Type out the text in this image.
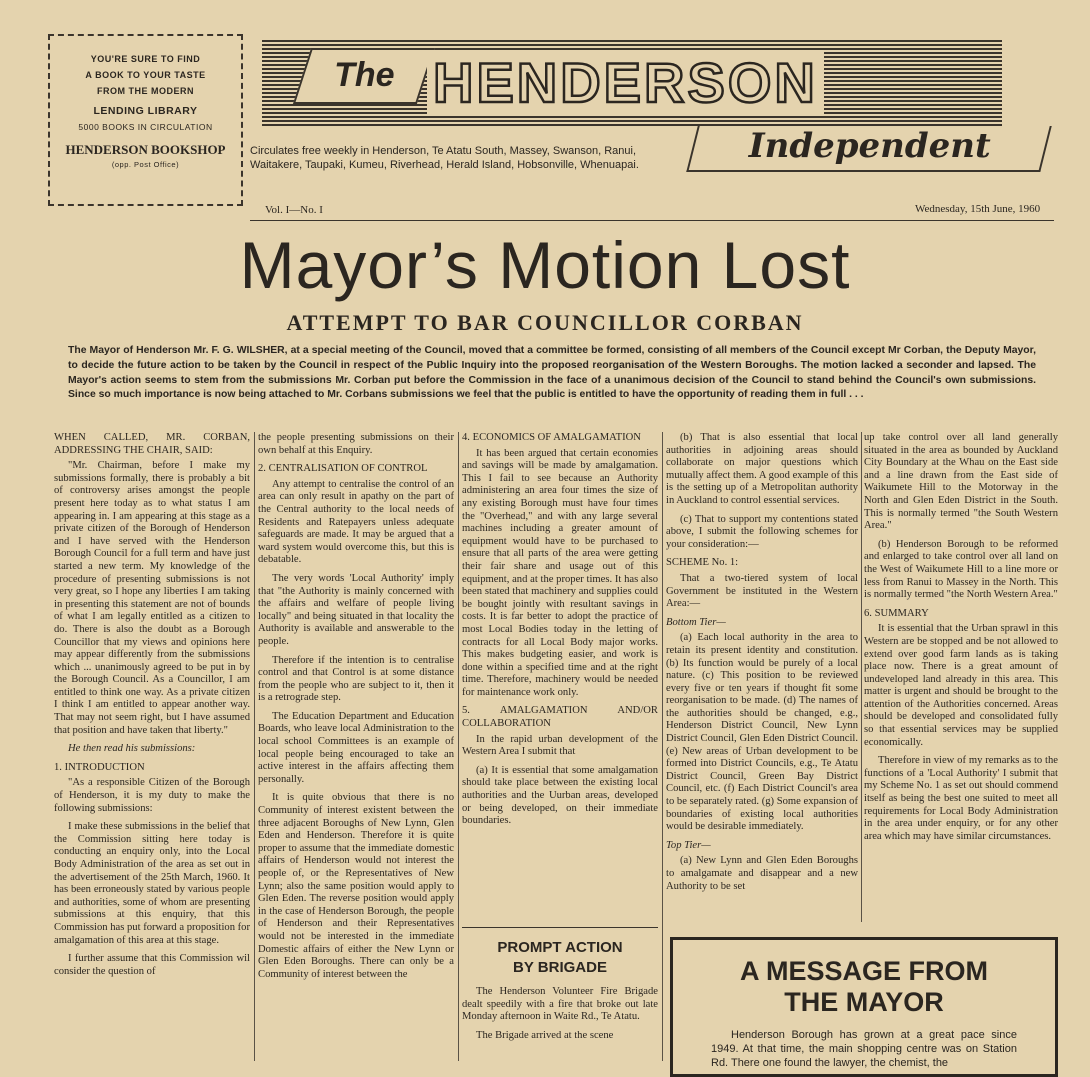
YOU'RE SURE TO FIND
A BOOK TO YOUR TASTE
FROM THE MODERN
LENDING LIBRARY
5000 BOOKS IN CIRCULATION
HENDERSON BOOKSHOP
(opp. Post Office)
The HENDERSON
Independent
Circulates free weekly in Henderson, Te Atatu South, Massey, Swanson, Ranui, Waitakere, Taupaki, Kumeu, Riverhead, Herald Island, Hobsonville, Whenuapai.
Vol. I—No. I	Wednesday, 15th June, 1960
Mayor’s Motion Lost
ATTEMPT TO BAR COUNCILLOR CORBAN
The Mayor of Henderson Mr. F. G. WILSHER, at a special meeting of the Council, moved that a committee be formed, consisting of all members of the Council except Mr Corban, the Deputy Mayor, to decide the future action to be taken by the Council in respect of the Public Inquiry into the proposed reorganisation of the Western Boroughs. The motion lacked a seconder and lapsed. The Mayor's action seems to stem from the submissions Mr. Corban put before the Commission in the face of a unanimous decision of the Council to stand behind the Council's own submissions. Since so much importance is now being attached to Mr. Corbans submissions we feel that the public is entitled to have the opportunity of reading them in full . . .

WHEN CALLED, MR. CORBAN, ADDRESSING THE CHAIR, SAID:

"Mr. Chairman, before I make my submissions formally, there is probably a bit of controversy arises amongst the people present here today as to what status I am appearing in. I am appearing at this stage as a private citizen of the Borough of Henderson and I have served with the Henderson Borough Council for a full term and have just started a new term. My knowledge of the procedure of presenting submissions is not very great, so I hope any liberties I am taking in presenting this statement are not of bounds of what I am legally entitled as a citizen to do. There is also the doubt as a Borough Councillor that my views and opinions here may appear differently from the submissions which ... unanimously agreed to be put in by the Borough Council. As a Councillor, I am entitled to think one way. As a private citizen I think I am entitled to appear another way. That may not seem right, but I have assumed that position and have taken that liberty."

He then read his submissions:

1. INTRODUCTION

"As a responsible Citizen of the Borough of Henderson, it is my duty to make the following submissions:

I make these submissions in the belief that the Commission sitting here today is conducting an enquiry only, into the Local Body Administration of the area as set out in the advertisement of the 25th March, 1960. It has been erroneously stated by various people and authorities, some of whom are presenting submissions at this enquiry, that this Commission has put forward a proposition for amalgamation of this area at this stage.

I further assume that this Commission wil consider the question of

the people presenting submissions on their own behalf at this Enquiry.

2. CENTRALISATION OF CONTROL

Any attempt to centralise the control of an area can only result in apathy on the part of the Central authority to the local needs of Residents and Ratepayers unless adequate safeguards are made. It may be argued that a ward system would overcome this, but this is debatable.

The very words 'Local Authority' imply that "the Authority is mainly concerned with the affairs and welfare of people living locally" and being situated in that locality the Authority is available and answerable to the people.

Therefore if the intention is to centralise control and that Control is at some distance from the people who are subject to it, then it is a retrograde step.

The Education Department and Education Boards, who leave local Administration to the local school Committees is an example of local people being encouraged to take an active interest in the affairs affecting them personally.

It is quite obvious that there is no Community of interest existent between the three adjacent Boroughs of New Lynn, Glen Eden and Henderson. Therefore it is quite proper to assume that the immediate domestic affairs of Henderson would not interest the people of, or the Representatives of New Lynn; also the same position would apply to Glen Eden. The reverse position would apply in the case of Henderson Borough, the people of Henderson and their Representatives would not be interested in the immediate Domestic affairs of either the New Lynn or Glen Eden Boroughs. There can only be a Community of interest between the

4. ECONOMICS OF AMALGAMATION

It has been argued that certain economies and savings will be made by amalgamation. This I fail to see because an Authority administering an area four times the size of any existing Borough must have four times the "Overhead," and with any large several machines including a greater amount of equipment would have to be purchased to ensure that all parts of the area were getting their fair share and usage out of this equipment, and at the proper times. It has also been stated that machinery and supplies could be bought jointly with resultant savings in costs. It is far better to adopt the practice of most Local Bodies today in the letting of contracts for all Local Body major works. This makes budgeting easier, and work is done within a specified time and at the right time. Therefore, machinery would be needed for maintenance work only.

5. AMALGAMATION AND/OR COLLABORATION

In the rapid urban development of the Western Area I submit that

(a) It is essential that some amalgamation should take place between the existing local authorities and the Uurban areas, developed or being developed, on their immediate boundaries.

PROMPT ACTION
BY BRIGADE

The Henderson Volunteer Fire Brigade dealt speedily with a fire that broke out late Monday afternoon in Waite Rd., Te Atatu.

The Brigade arrived at the scene

(b) That is also essential that local authorities in adjoining areas should collaborate on major questions which mutually affect them. A good example of this is the setting up of a Metropolitan authority in Auckland to control essential services.

(c) That to support my contentions stated above, I submit the following schemes for your consideration:—

SCHEME No. 1:

That a two-tiered system of local Government be instituted in the Western Area:—

Bottom Tier—

(a) Each local authority in the area to retain its present identity and constitution. (b) Its function would be purely of a local nature. (c) This position to be reviewed every five or ten years if thought fit some reorganisation to be made. (d) The names of the authorities should be changed, e.g., Henderson District Council, New Lynn District Council, Glen Eden District Council. (e) New areas of Urban development to be formed into District Councils, e.g., Te Atatu District Council, Green Bay District Council, etc. (f) Each District Council's area to be separately rated. (g) Some expansion of boundaries of existing local authorities would be desirable immediately.

Top Tier—

(a) New Lynn and Glen Eden Boroughs to amalgamate and disappear and a new Authority to be set

up take control over all land generally situated in the area as bounded by Auckland City Boundary at the Whau on the East side and a line drawn from the East side of Waikumete Hill to the Motorway in the North and Glen Eden District in the South. This is normally termed "the South Western Area."

(b) Henderson Borough to be reformed and enlarged to take control over all land on the West of Waikumete Hill to a line more or less from Ranui to Massey in the North. This is normally termed "the North Western Area."

6. SUMMARY

It is essential that the Urban sprawl in this Western are be stopped and be not allowed to extend over good farm lands as is taking place now. There is a great amount of undeveloped land already in this area. This matter is urgent and should be brought to the attention of the Authorities concerned. Areas should be developed and consolidated fully so that essential services may be supplied economically.

Therefore in view of my remarks as to the functions of a 'Local Authority' I submit that my Scheme No. 1 as set out should commend itself as being the best one suited to meet all requirements for Local Body Administration in the area under enquiry, or for any other area which may have similar circumstances.

A MESSAGE FROM
THE MAYOR
Henderson Borough has grown at a great pace since 1949. At that time, the main shopping centre was on Station Rd. There one found the lawyer, the chemist, the
